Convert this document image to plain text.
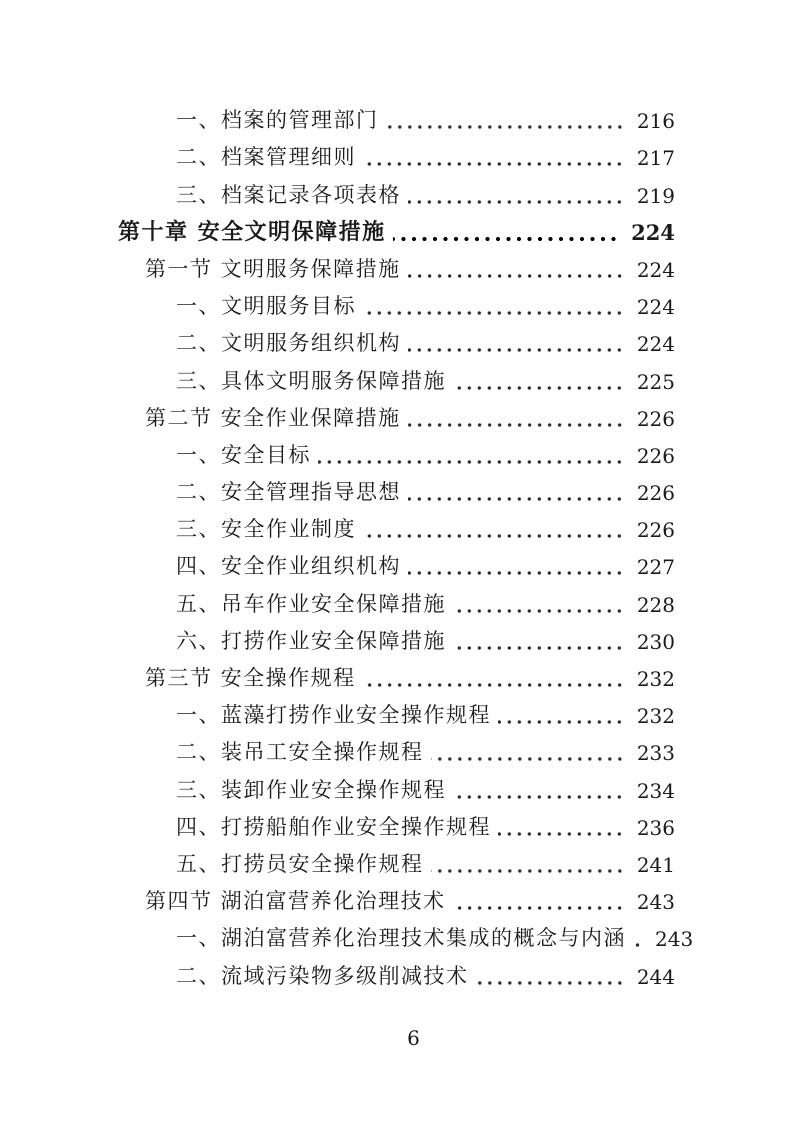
一、档案的管理部门	216
二、档案管理细则	217
三、档案记录各项表格	219
第十章 安全文明保障措施	224
第一节 文明服务保障措施	224
一、文明服务目标	224
二、文明服务组织机构	224
三、具体文明服务保障措施	225
第二节 安全作业保障措施	226
一、安全目标	226
二、安全管理指导思想	226
三、安全作业制度	226
四、安全作业组织机构	227
五、吊车作业安全保障措施	228
六、打捞作业安全保障措施	230
第三节 安全操作规程	232
一、蓝藻打捞作业安全操作规程	232
二、装吊工安全操作规程	233
三、装卸作业安全操作规程	234
四、打捞船舶作业安全操作规程	236
五、打捞员安全操作规程	241
第四节 湖泊富营养化治理技术	243
一、湖泊富营养化治理技术集成的概念与内涵 243
二、流域污染物多级削减技术	244
6
